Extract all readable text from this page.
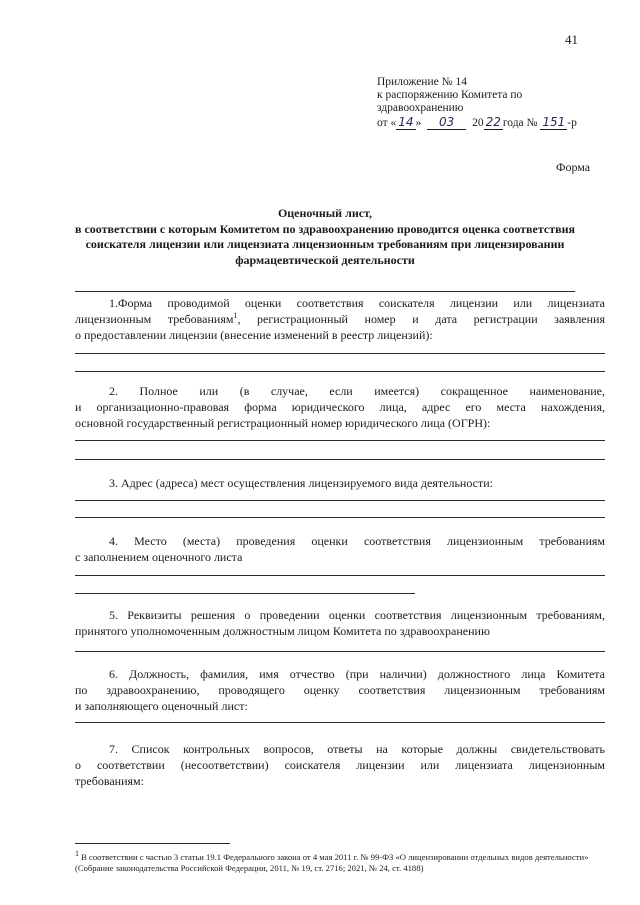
41
Приложение № 14
к распоряжению Комитета по
здравоохранению
от « 14 » 03 20 22 года № 151 -р
Форма
Оценочный лист,
в соответствии с которым Комитетом по здравоохранению проводится оценка соответствия
соискателя лицензии или лицензиата лицензионным требованиям при лицензировании
фармацевтической деятельности
1.Форма проводимой оценки соответствия соискателя лицензии или лицензиата
лицензионным требованиям$^1$, регистрационный номер и дата регистрации заявления
о предоставлении лицензии (внесение изменений в реестр лицензий):
2. Полное или (в случае, если имеется) сокращенное наименование,
и организационно-правовая форма юридического лица, адрес его места нахождения,
основной государственный регистрационный номер юридического лица (ОГРН):
3. Адрес (адреса) мест осуществления лицензируемого вида деятельности:
4. Место (места) проведения оценки соответствия лицензионным требованиям
с заполнением оценочного листа
5. Реквизиты решения о проведении оценки соответствия лицензионным требованиям,
принятого уполномоченным должностным лицом Комитета по здравоохранению
6. Должность, фамилия, имя отчество (при наличии) должностного лица Комитета
по здравоохранению, проводящего оценку соответствия лицензионным требованиям
и заполняющего оценочный лист:
7. Список контрольных вопросов, ответы на которые должны свидетельствовать
о соответствии (несоответствии) соискателя лицензии или лицензиата лицензионным
требованиям:
$^1$ В соответствии с частью 3 статьи 19.1 Федерального закона от 4 мая 2011 г. № 99-ФЗ «О лицензировании отдельных видов деятельности» (Собрание законодательства Российской Федерации, 2011, № 19, ст. 2716; 2021, № 24, ст. 4188)
